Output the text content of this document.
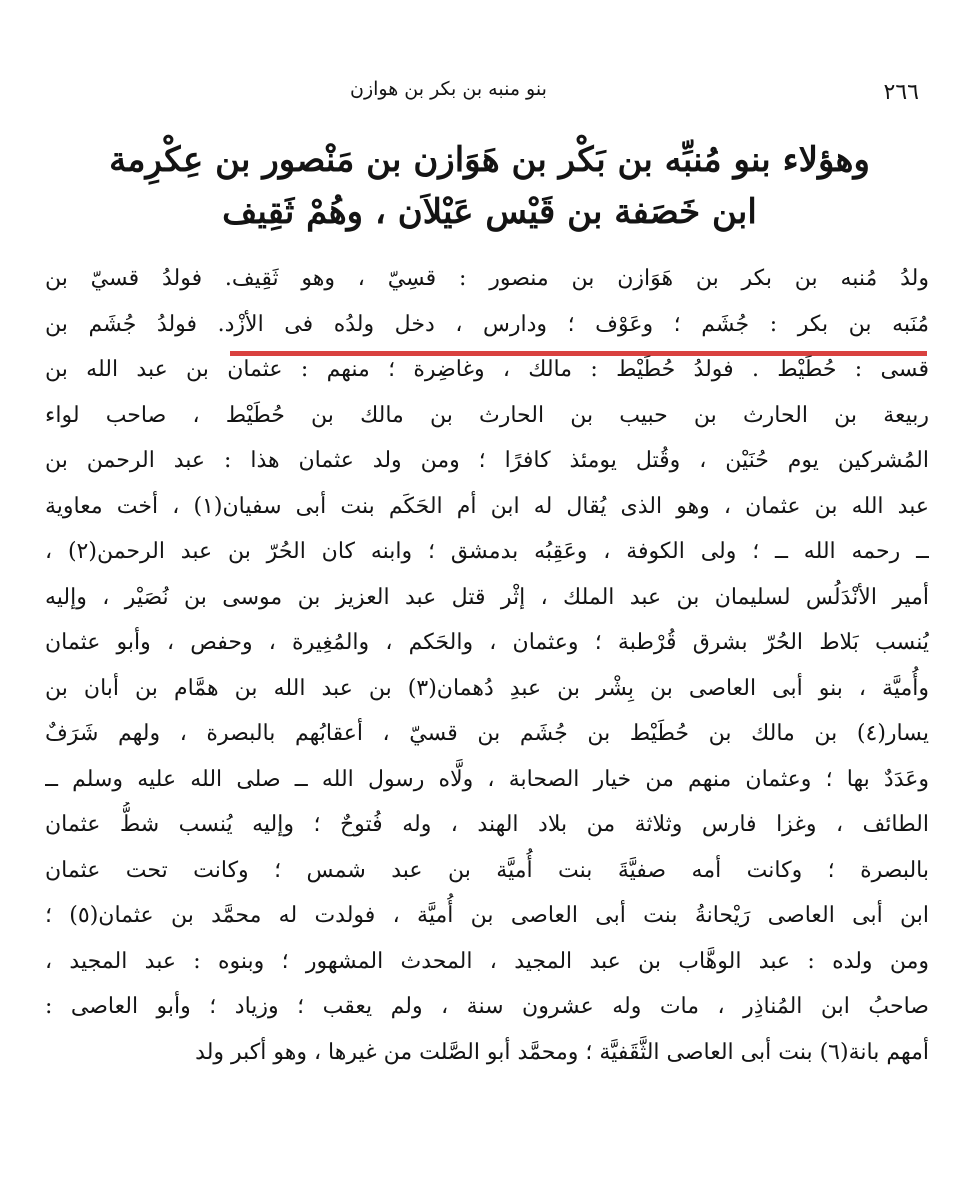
٢٦٦
بنو منبه بن بكر بن هوازن
وهؤلاء بنو مُنبِّه بن بَكْر بن هَوَازن بن مَنْصور بن عِكْرِمة
ابن خَصَفة بن قَيْس عَيْلاَن ، وهُمْ ثَقِيف
ولدُ مُنبه بن بكر بن هَوَازن بن منصور : قسِيّ ، وهو ثَقِيف. فولدُ قسيّ بن
مُنَبه بن بكر : جُشَم ؛ وعَوْف ؛ ودارس ، دخل ولدُه فى الأزْد. فولدُ جُشَم بن
قسى : حُطَيْط . فولدُ حُطَيْط : مالك ، وغاضِرة ؛ منهم : عثمان بن عبد الله بن
ربيعة بن الحارث بن حبيب بن الحارث بن مالك بن حُطَيْط ، صاحب لواء
المُشركين يوم حُنَيْن ، وقُتل يومئذ كافرًا ؛ ومن ولد عثمان هذا : عبد الرحمن بن
عبد الله بن عثمان ، وهو الذى يُقال له ابن أم الحَكَم بنت أبى سفيان(١) ، أخت معاوية
ــ رحمه الله ــ ؛ ولى الكوفة ، وعَقِبُه بدمشق ؛ وابنه كان الحُرّ بن عبد الرحمن(٢) ،
أمير الأنْدَلُس لسليمان بن عبد الملك ، إثْر قتل عبد العزيز بن موسى بن نُصَيْر ، وإليه
يُنسب بَلاط الحُرّ بشرق قُرْطبة ؛ وعثمان ، والحَكم ، والمُغِيرة ، وحفص ، وأبو عثمان
وأُميَّة ، بنو أبى العاصى بن بِشْر بن عبدِ دُهمان(٣) بن عبد الله بن همَّام بن أبان بن
يسار(٤) بن مالك بن حُطَيْط بن جُشَم بن قسيّ ، أعقابُهم بالبصرة ، ولهم شَرَفٌ
وعَدَدٌ بها ؛ وعثمان منهم من خيار الصحابة ، ولَّاه رسول الله ــ صلى الله عليه وسلم ــ
الطائف ، وغزا فارس وثلاثة من بلاد الهند ، وله فُتوحٌ ؛ وإليه يُنسب شطُّ عثمان
بالبصرة ؛ وكانت أمه صفيَّةَ بنت أُميَّة بن عبد شمس ؛ وكانت تحت عثمان
ابن أبى العاصى رَيْحانةُ بنت أبى العاصى بن أُميَّة ، فولدت له محمَّد بن عثمان(٥) ؛
ومن ولده : عبد الوهَّاب بن عبد المجيد ، المحدث المشهور ؛ وبنوه : عبد المجيد ،
صاحبُ ابن المُناذِر ، مات وله عشرون سنة ، ولم يعقب ؛ وزياد ؛ وأبو العاصى :
أمهم بانة(٦) بنت أبى العاصى الثَّقَفيَّة ؛ ومحمَّد أبو الصَّلت من غيرها ، وهو أكبر ولد
